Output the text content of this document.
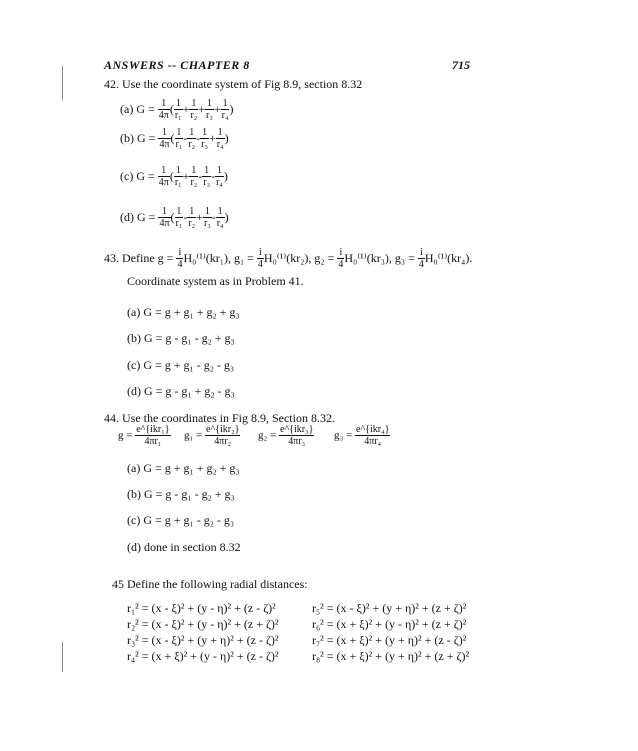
ANSWERS -- CHAPTER 8	715
42. Use the coordinate system of Fig 8.9, section 8.32
(a) $G = \frac{1}{4\pi}$ ( $\frac{1}{\text{r₁}} + \frac{1}{\text{r₂}} + \frac{1}{\text{r₃}} + \frac{1}{\text{r₄}}$ )
(b) $G = \frac{1}{4\pi}$ ( $\frac{1}{\text{r₁}} - \frac{1}{\text{r₂}} - \frac{1}{\text{r₃}} + \frac{1}{\text{r₄}}$ )
(c) $G = \frac{1}{4\pi}$ ( $\frac{1}{\text{r₁}} + \frac{1}{\text{r₂}} - \frac{1}{\text{r₃}} - \frac{1}{\text{r₄}}$ )
(d) $G = \frac{1}{4\pi}$ ( $\frac{1}{\text{r₁}} - \frac{1}{\text{r₂}} + \frac{1}{\text{r₃}} - \frac{1}{\text{r₄}}$ )
43. Define $g = \frac{i}{4} H_0^{(1)}(kr_1)$, $g_1 = \frac{i}{4} H_0^{(1)}(kr_2)$, $g_2 = \frac{i}{4} H_0^{(1)}(kr_3)$, $g_3 = \frac{i}{4} H_0^{(1)}(kr_4)$.
Coordinate system as in Problem 41.
(a) G = g + g₁ + g₂ + g₃
(b) G = g - g₁ - g₂ + g₃
(c) G = g + g₁ - g₂ - g₃
(d) G = g - g₁ + g₂ - g₃
44. Use the coordinates in Fig 8.9, Section 8.32.
$g = \frac{\text{e\textasciicircum{}\{ikr₁\}}}{\text{4πr₁}} g_1 = \frac{\text{e\textasciicircum{}\{ikr₂\}}}{\text{4πr₂}} g_2 = \frac{\text{e\textasciicircum{}\{ikr₃\}}}{\text{4πr₃}} g_3 = \frac{\text{e\textasciicircum{}\{ikr₄\}}}{\text{4πr₄}}$
(a) G = g + g₁ + g₂ + g₃
(b) G = g - g₁ - g₂ + g₃
(c) G = g + g₁ - g₂ - g₃
(d) done in section 8.32
45 Define the following radial distances:
r₁² = (x - ξ)² + (y - η)² + (z - ζ)²
r₂² = (x - ξ)² + (y - η)² + (z + ζ)²
r₃² = (x - ξ)² + (y + η)² + (z - ζ)²
r₄² = (x + ξ)² + (y - η)² + (z - ζ)²
r₅² = (x - ξ)² + (y + η)² + (z + ζ)²
r₆² = (x + ξ)² + (y - η)² + (z + ζ)²
r₇² = (x + ξ)² + (y + η)² + (z - ζ)²
r₈² = (x + ξ)² + (y + η)² + (z + ζ)²
